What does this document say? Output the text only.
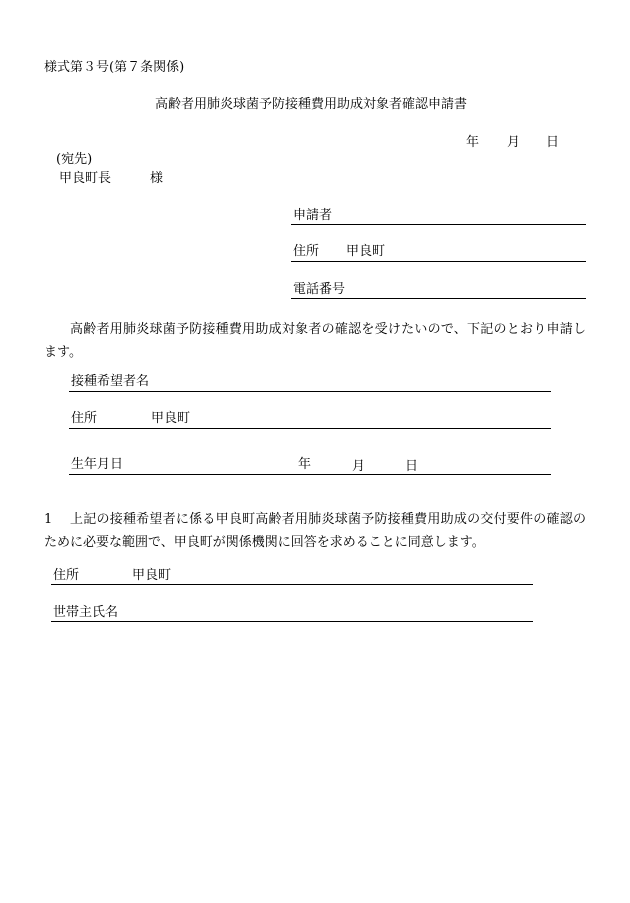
様式第３号(第７条関係)
高齢者用肺炎球菌予防接種費用助成対象者確認申請書
年 月 日
(宛先)
甲良町長	様
申請者
住所 甲良町
電話番号
高齢者用肺炎球菌予防接種費用助成対象者の確認を受けたいので、下記のとおり申請します。
接種希望者名
住所	甲良町
生年月日	年	月	日
1	上記の接種希望者に係る甲良町高齢者用肺炎球菌予防接種費用助成の交付要件の確認のために必要な範囲で、甲良町が関係機関に回答を求めることに同意します。
住所	甲良町
世帯主氏名
